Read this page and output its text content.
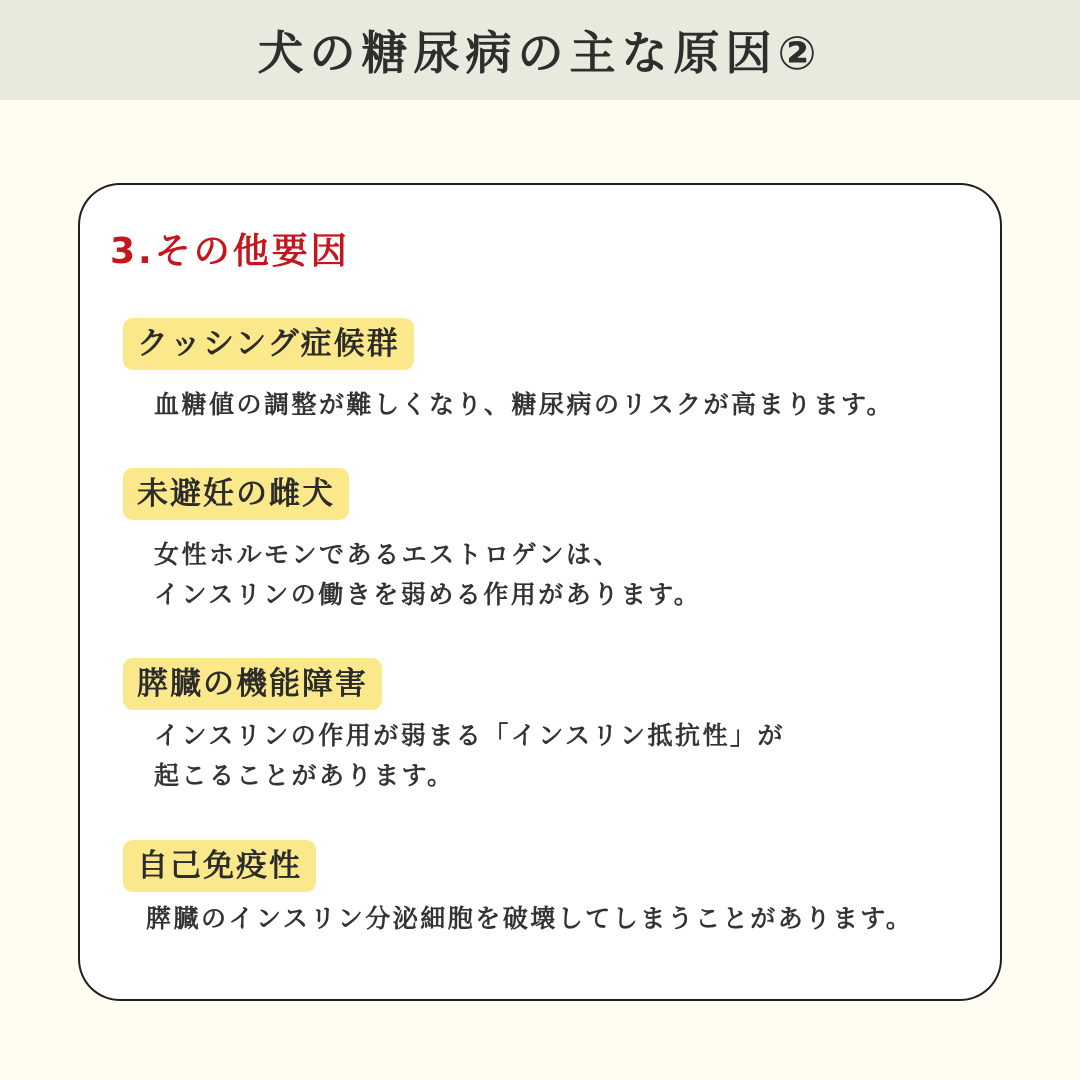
犬の糖尿病の主な原因②
3.その他要因
クッシング症候群

血糖値の調整が難しくなり、糖尿病のリスクが高まります。

未避妊の雌犬

女性ホルモンであるエストロゲンは、
インスリンの働きを弱める作用があります。

膵臓の機能障害

インスリンの作用が弱まる「インスリン抵抗性」が
起こることがあります。

自己免疫性

膵臓のインスリン分泌細胞を破壊してしまうことがあります。
